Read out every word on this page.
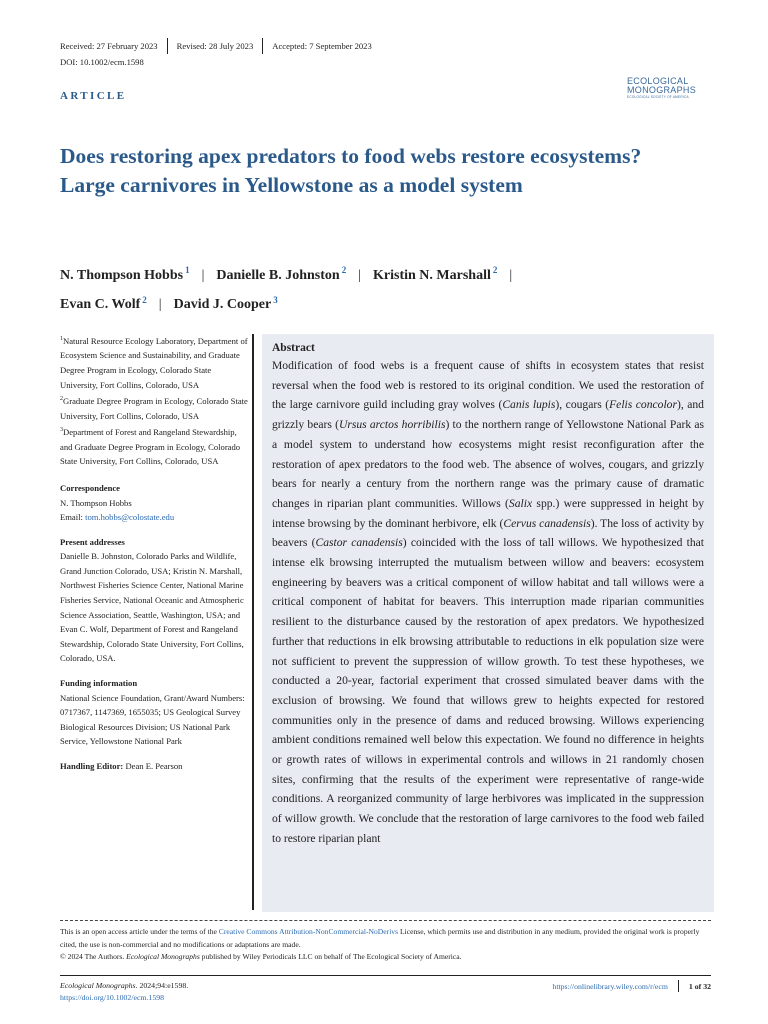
Received: 27 February 2023	Revised: 28 July 2023	Accepted: 7 September 2023
DOI: 10.1002/ecm.1598
ARTICLE
ECOLOGICAL
MONOGRAPHS
ECOLOGICAL SOCIETY OF AMERICA
Does restoring apex predators to food webs restore ecosystems? Large carnivores in Yellowstone as a model system
N. Thompson Hobbs $^1$ | Danielle B. Johnston $^2$ | Kristin N. Marshall $^2$ |
Evan C. Wolf $^2$ | David J. Cooper $^3$

$^1$Natural Resource Ecology Laboratory, Department of Ecosystem Science and Sustainability, and Graduate Degree Program in Ecology, Colorado State University, Fort Collins, Colorado, USA

$^2$Graduate Degree Program in Ecology, Colorado State University, Fort Collins, Colorado, USA

$^3$Department of Forest and Rangeland Stewardship, and Graduate Degree Program in Ecology, Colorado State University, Fort Collins, Colorado, USA

Correspondence

N. Thompson Hobbs

Email: tom.hobbs@colostate.edu

Present addresses

Danielle B. Johnston, Colorado Parks and Wildlife, Grand Junction Colorado, USA; Kristin N. Marshall, Northwest Fisheries Science Center, National Marine Fisheries Service, National Oceanic and Atmospheric Science Association, Seattle, Washington, USA; and Evan C. Wolf, Department of Forest and Rangeland Stewardship, Colorado State University, Fort Collins, Colorado, USA.

Funding information

National Science Foundation, Grant/Award Numbers: 0717367, 1147369, 1655035; US Geological Survey Biological Resources Division; US National Park Service, Yellowstone National Park

Handling Editor: Dean E. Pearson

Abstract

Modification of food webs is a frequent cause of shifts in ecosystem states that resist reversal when the food web is restored to its original condition. We used the restoration of the large carnivore guild including gray wolves (Canis lupis), cougars (Felis concolor), and grizzly bears (Ursus arctos horribilis) to the northern range of Yellowstone National Park as a model system to understand how ecosystems might resist reconfiguration after the restoration of apex predators to the food web. The absence of wolves, cougars, and grizzly bears for nearly a century from the northern range was the primary cause of dramatic changes in riparian plant communities. Willows (Salix spp.) were suppressed in height by intense browsing by the dominant herbivore, elk (Cervus canadensis). The loss of activity by beavers (Castor canadensis) coincided with the loss of tall willows. We hypothesized that intense elk browsing interrupted the mutualism between willow and beavers: ecosystem engineering by beavers was a critical component of willow habitat and tall willows were a critical component of habitat for beavers. This interruption made riparian communities resilient to the disturbance caused by the restoration of apex predators. We hypothesized further that reductions in elk browsing attributable to reductions in elk population size were not sufficient to prevent the suppression of willow growth. To test these hypotheses, we conducted a 20-year, factorial experiment that crossed simulated beaver dams with the exclusion of browsing. We found that willows grew to heights expected for restored communities only in the presence of dams and reduced browsing. Willows experiencing ambient conditions remained well below this expectation. We found no difference in heights or growth rates of willows in experimental controls and willows in 21 randomly chosen sites, confirming that the results of the experiment were representative of range-wide conditions. A reorganized community of large herbivores was implicated in the suppression of willow growth. We conclude that the restoration of large carnivores to the food web failed to restore riparian plant

This is an open access article under the terms of the Creative Commons Attribution-NonCommercial-NoDerivs License, which permits use and distribution in any medium, provided the original work is properly cited, the use is non-commercial and no modifications or adaptations are made.
© 2024 The Authors. Ecological Monographs published by Wiley Periodicals LLC on behalf of The Ecological Society of America.
Ecological Monographs. 2024;94:e1598.
https://doi.org/10.1002/ecm.1598
https://onlinelibrary.wiley.com/r/ecm	1 of 32
